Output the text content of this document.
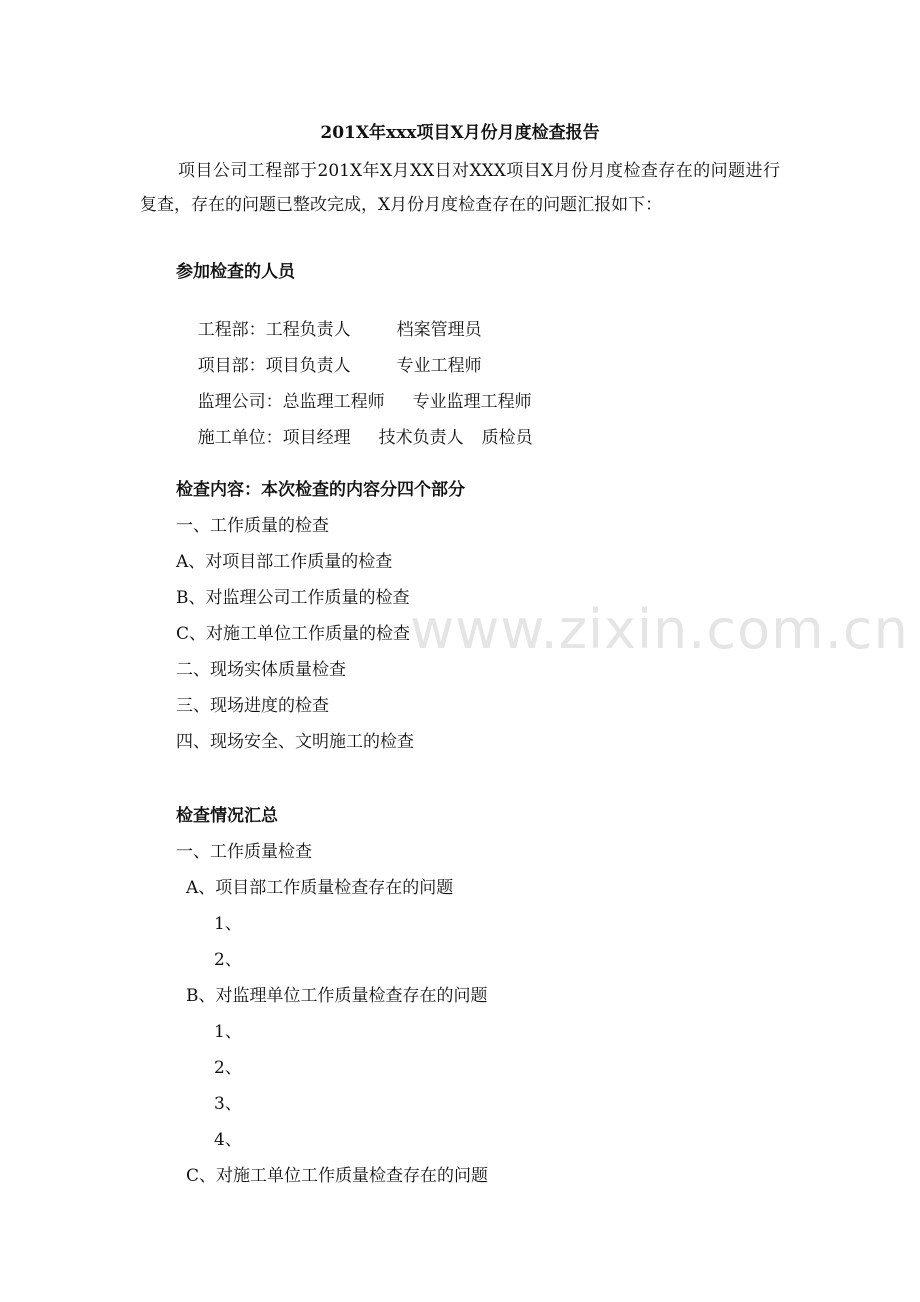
www.zixin.com.cn
201X年xxx项目X月份月度检查报告
项目公司工程部于201X年X月XX日对XXX项目X月份月度检查存在的问题进行复查，存在的问题已整改完成，X月份月度检查存在的问题汇报如下：
参加检查的人员

工程部：工程负责人	档案管理员

项目部：项目负责人	专业工程师

监理公司：总监理工程师 专业监理工程师

施工单位：项目经理 技术负责人 质检员

检查内容：本次检查的内容分四个部分
一、工作质量的检查
A、对项目部工作质量的检查
B、对监理公司工作质量的检查
C、对施工单位工作质量的检查
二、现场实体质量检查
三、现场进度的检查
四、现场安全、文明施工的检查
检查情况汇总
一、工作质量检查
A、项目部工作质量检查存在的问题
1、
2、
B、对监理单位工作质量检查存在的问题
1、
2、
3、
4、
C、对施工单位工作质量检查存在的问题
